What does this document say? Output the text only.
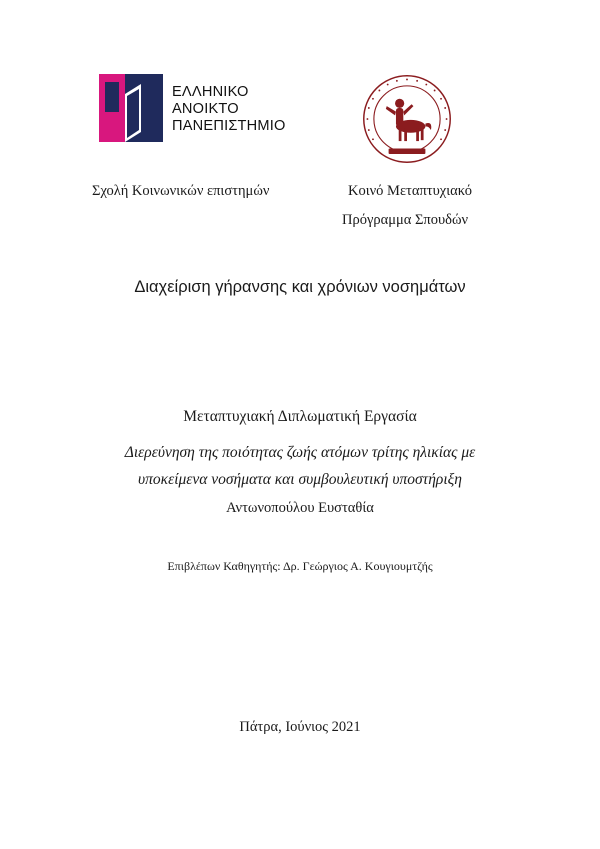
ΕΛΛΗΝΙΚΟ
ΑΝΟΙΚΤΟ
ΠΑΝΕΠΙΣΤΗΜΙΟ
Σχολή Κοινωνικών επιστημών	Κοινό Μεταπτυχιακό
Πρόγραμμα Σπουδών
Διαχείριση γήρανσης και χρόνιων νοσημάτων
Μεταπτυχιακή Διπλωματική Εργασία
Διερεύνηση της ποιότητας ζωής ατόμων τρίτης ηλικίας με
υποκείμενα νοσήματα και συμβουλευτική υποστήριξη
Αντωνοπούλου Ευσταθία
Επιβλέπων Καθηγητής: Δρ. Γεώργιος Α. Κουγιουμτζής
Πάτρα, Ιούνιος 2021
